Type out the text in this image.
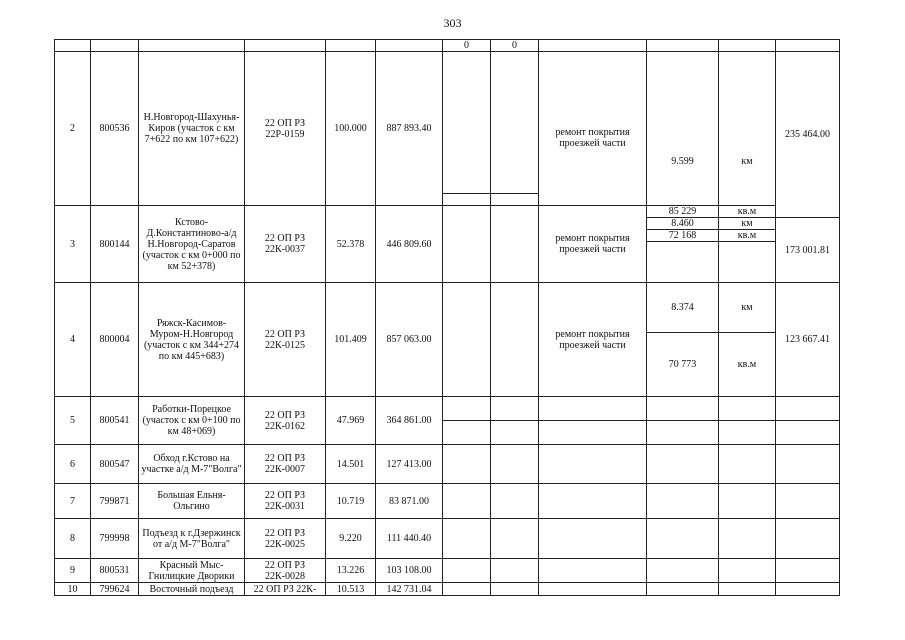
303
						0	0				
2	800536	Н.Новгород-Шахунья-Киров (участок с км 7+622 по км 107+622)	22 ОП РЗ 22Р-0159	100.000	887 893.40			ремонт покрытия проезжей части	9.599	км	235 464.00

3	800144	Кстово-Д.Константиново-а/д Н.Новгород-Саратов (участок с км 0+000 по км 52+378)	22 ОП РЗ 22К-0037	52.378	446 809.60			ремонт покрытия проезжей части	85 229	кв.м	
									8.460	км	173 001.81
									72 168	кв.м	

4	800004	Ряжск-Касимов-Муром-Н.Новгород (участок с км 344+274 по км 445+683)	22 ОП РЗ 22К-0125	101.409	857 063.00			ремонт покрытия проезжей части	8.374	км	123 667.41
									70 773	кв.м	
5	800541	Работки-Порецкое (участок с км 0+100 по км 48+069)	22 ОП РЗ 22К-0162	47.969	364 861.00						

6	800547	Обход г.Кстово на участке а/д М-7"Волга"	22 ОП РЗ 22К-0007	14.501	127 413.00						
7	799871	Большая Ельня-Ольгино	22 ОП РЗ 22К-0031	10.719	83 871.00						
8	799998	Подъезд к г.Дзержинск от а/д М-7"Волга"	22 ОП РЗ 22К-0025	9.220	111 440.40						
9	800531	Красный Мыс-Гнилицкие Дворики	22 ОП РЗ 22К-0028	13.226	103 108.00						
10	799624	Восточный подъезд	22 ОП РЗ 22К-	10.513	142 731.04						
